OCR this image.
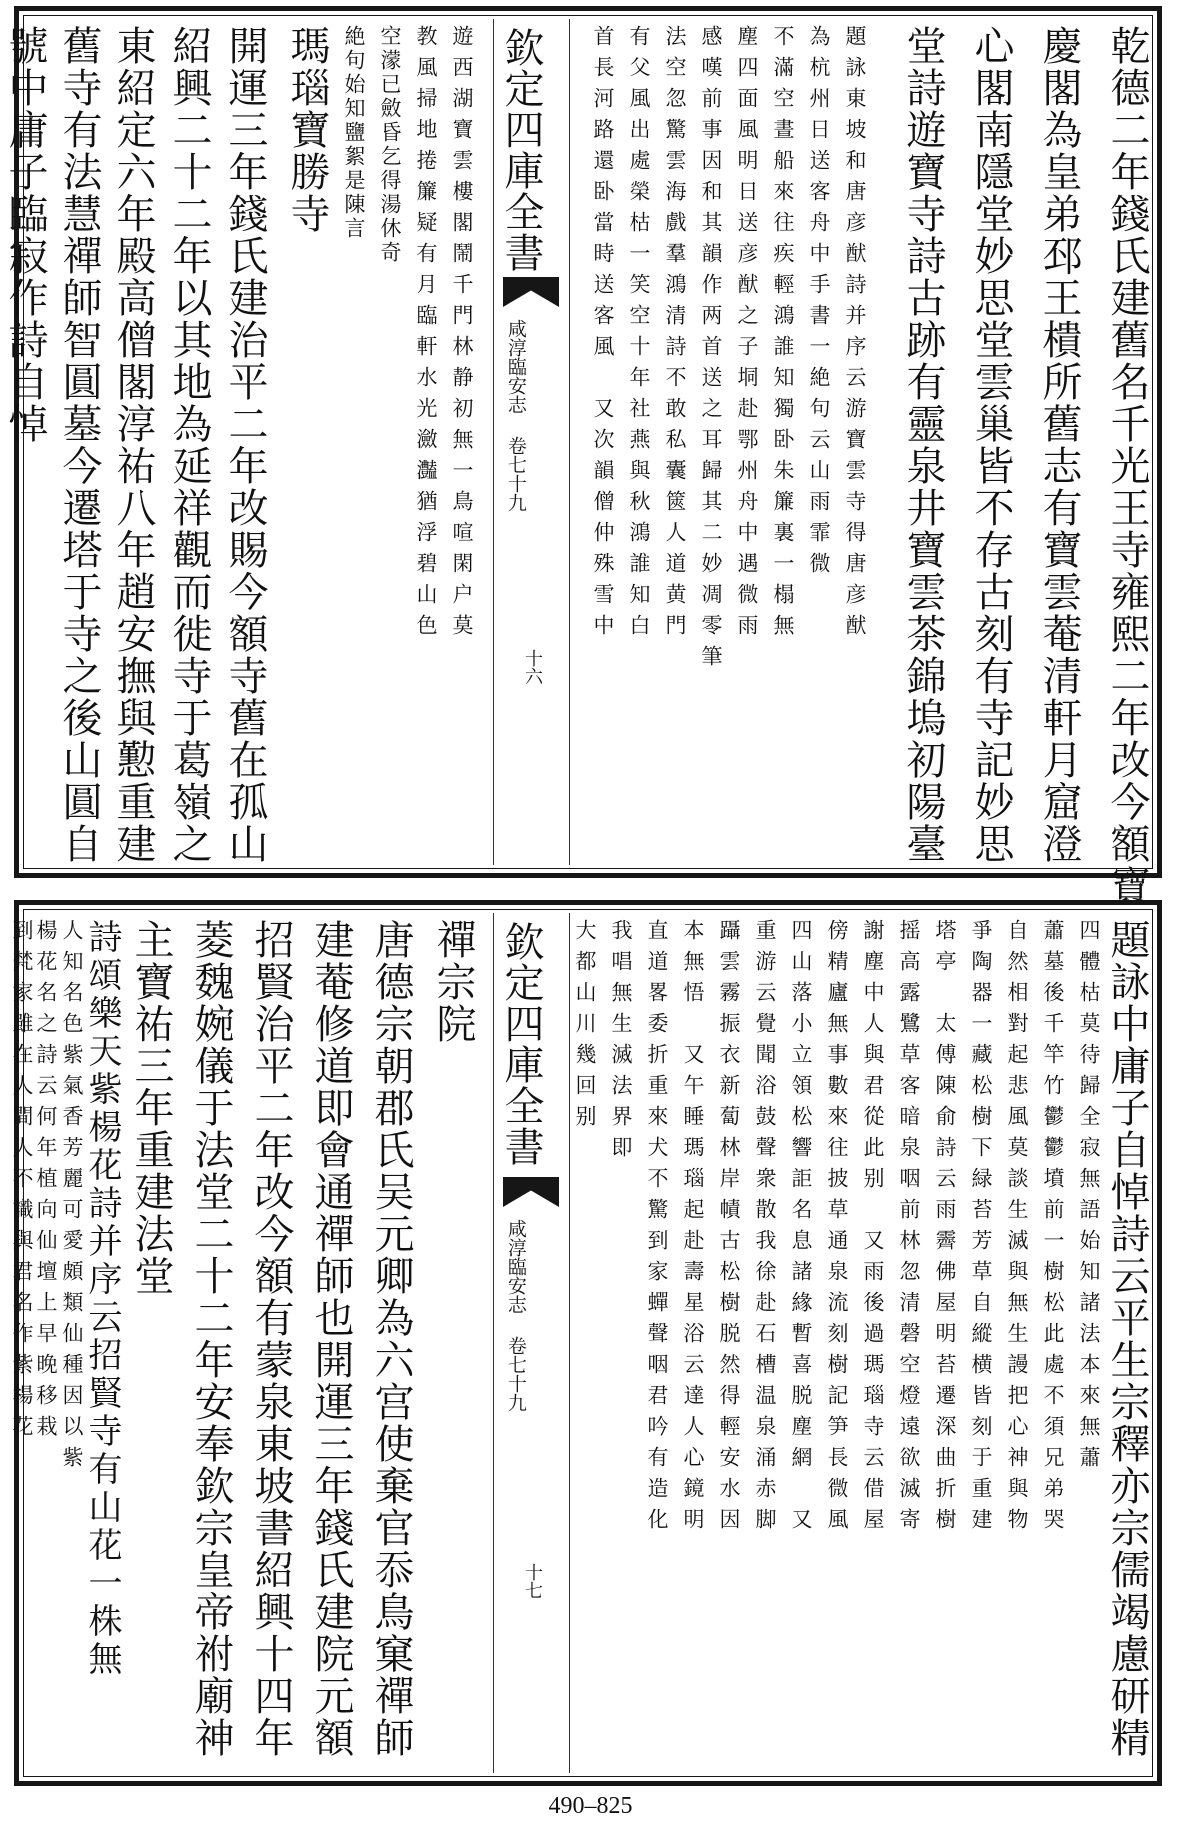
乾德二年錢氏建舊名千光王寺雍熙二年改今額寶
慶閣為皇弟邳王樻所舊志有寶雲菴清軒月窟澄
心閣南隱堂妙思堂雲巢皆不存古刻有寺記妙思
堂詩遊寶寺詩古跡有靈泉井寶雲茶錦塢初陽臺
題詠東坡和唐彦猷詩并序云游寶雲寺得唐彦猷
為杭州日送客舟中手書一絶句云山雨霏微
不滿空晝船來往疾輕鴻誰知獨卧朱簾裏一榻無
塵四面風明日送彦猷之子垌赴鄂州舟中遇微雨
感嘆前事因和其韻作两首送之耳歸其二妙凋零筆
法空忽驚雲海戲羣鴻清詩不敢私囊篋人道黄門
有父風出處榮枯一笑空十年社燕與秋鴻誰知白
首長河路還卧當時送客風　又次韻僧仲殊雪中
欽定四庫全書
咸淳臨安志 卷七十九
十六
遊西湖寶雲樓閣鬧千門林静初無一鳥喧閑户莫
教風掃地捲簾疑有月臨軒水光瀲灎猶浮碧山色
空濛已斂昏乞得湯休奇
絶句始知鹽絮是陳言
瑪瑙寶勝寺
開運三年錢氏建治平二年改賜今額寺舊在孤山
紹興二十二年以其地為延祥觀而徙寺于葛嶺之
東紹定六年殿高僧閣淳祐八年趙安撫與懃重建
舊寺有法慧禪師智圓墓今遷塔于寺之後山圓自
號中庸子臨寂作詩自悼
題詠中庸子自悼詩云平生宗釋亦宗儒竭慮研精
四體枯莫待歸全寂無語始知諸法本來無蕭
蕭墓後千竿竹鬱鬱墳前一樹松此處不須兄弟哭
自然相對起悲風莫談生滅與無生謾把心神與物
爭陶器一藏松樹下緑苔芳草自縱横皆刻于重建
塔亭　太傅陳俞詩云雨霽佛屋明苔遷深曲折樹
摇高露鷺草客暗泉咽前林忽清磬空燈遠欲滅寄
謝塵中人與君從此别　又雨後過瑪瑙寺云借屋
傍精廬無事數來往披草通泉流刻樹記笋長微風
四山落小立領松響詎名息諸緣暫喜脱塵網　又
重游云覺聞浴鼓聲衆散我徐赴石槽温泉涌赤脚
躡雲霧振衣新蔔林岸幘古松樹脱然得輕安水因
本無悟　又午睡瑪瑙起赴壽星浴云達人心鏡明
直道畧委折重來犬不驚到家蟬聲咽君吟有造化
我唱無生滅法界即
大都山川幾回别
欽定四庫全書
咸淳臨安志 卷七十九
十七
禪宗院
唐德宗朝郡氏吴元卿為六宫使棄官忝鳥窠禪師
建菴修道即會通禪師也開運三年錢氏建院元額
招賢治平二年改今額有蒙泉東坡書紹興十四年
菱魏婉儀于法堂二十二年安奉欽宗皇帝祔廟神
主寶祐三年重建法堂
詩頌樂天紫楊花詩并序云招賢寺有山花一株無
人知名色紫氣香芳麗可愛頗類仙種因以紫
楊花名之詩云何年植向仙壇上早晚移栽
到梵家雖在人間人不識與君名作紫楊花
490–825
